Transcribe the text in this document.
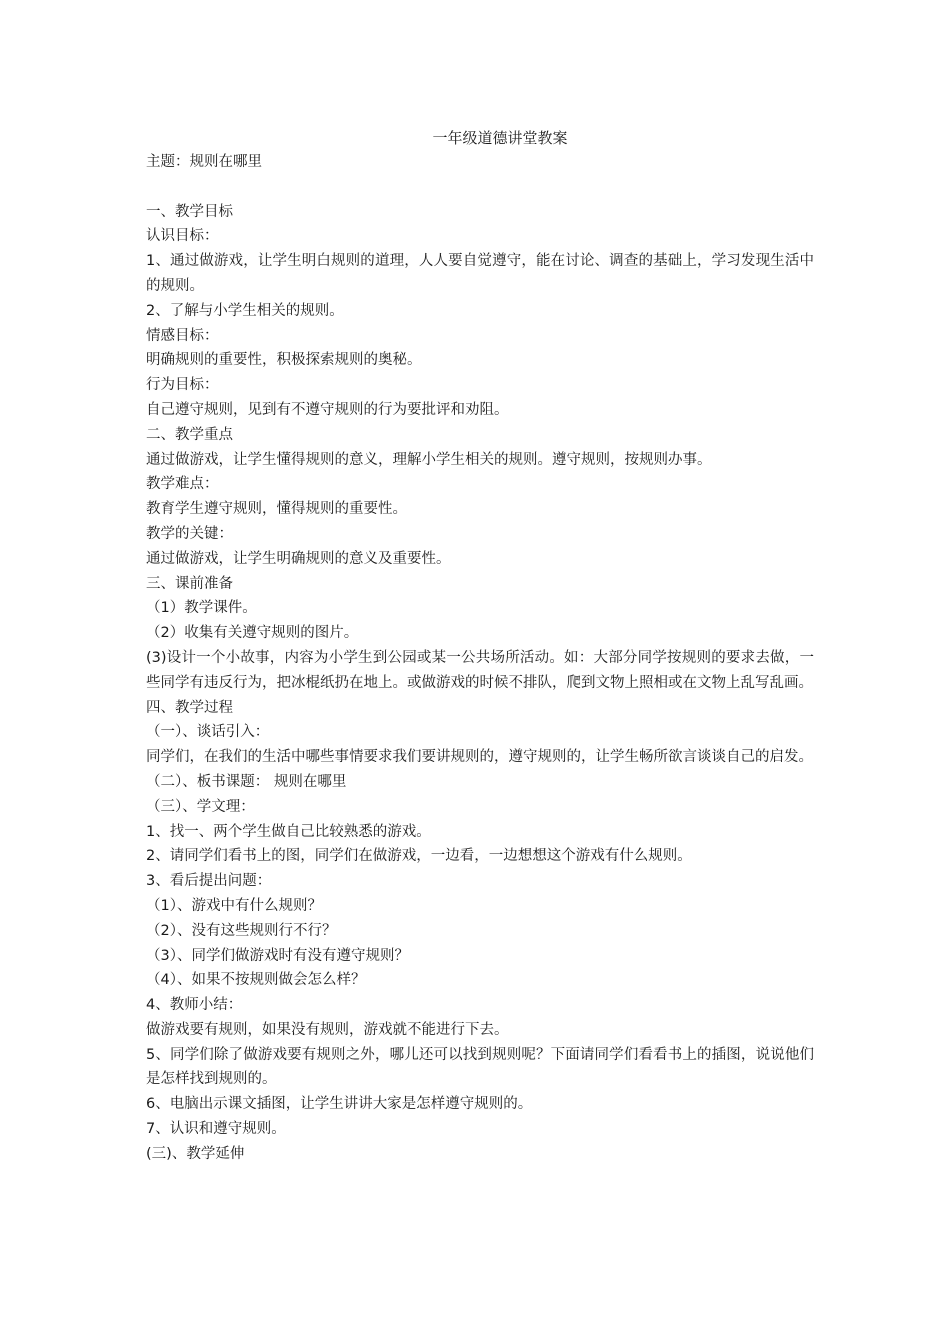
一年级道德讲堂教案
主题：规则在哪里
一、教学目标
认识目标：
1、通过做游戏，让学生明白规则的道理，人人要自觉遵守，能在讨论、调查的基础上，学习发现生活中的规则。
2、了解与小学生相关的规则。
情感目标：
明确规则的重要性，积极探索规则的奥秘。
行为目标：
自己遵守规则，见到有不遵守规则的行为要批评和劝阻。
二、教学重点
通过做游戏，让学生懂得规则的意义，理解小学生相关的规则。遵守规则，按规则办事。
教学难点：
教育学生遵守规则，懂得规则的重要性。
教学的关键：
通过做游戏，让学生明确规则的意义及重要性。
三、课前准备
（1）教学课件。
（2）收集有关遵守规则的图片。
(3)设计一个小故事，内容为小学生到公园或某一公共场所活动。如：大部分同学按规则的要求去做，一些同学有违反行为，把冰棍纸扔在地上。或做游戏的时候不排队，爬到文物上照相或在文物上乱写乱画。
四、教学过程
（一）、谈话引入：
同学们，在我们的生活中哪些事情要求我们要讲规则的，遵守规则的，让学生畅所欲言谈谈自己的启发。
（二）、板书课题： 规则在哪里
（三）、学文理：
1、找一、两个学生做自己比较熟悉的游戏。
2、请同学们看书上的图，同学们在做游戏，一边看，一边想想这个游戏有什么规则。
3、看后提出问题：
（1）、游戏中有什么规则？
（2）、没有这些规则行不行？
（3）、同学们做游戏时有没有遵守规则？
（4）、如果不按规则做会怎么样？
4、教师小结：
做游戏要有规则，如果没有规则，游戏就不能进行下去。
5、同学们除了做游戏要有规则之外，哪儿还可以找到规则呢？下面请同学们看看书上的插图，说说他们是怎样找到规则的。
6、电脑出示课文插图，让学生讲讲大家是怎样遵守规则的。
7、认识和遵守规则。
(三)、教学延伸
